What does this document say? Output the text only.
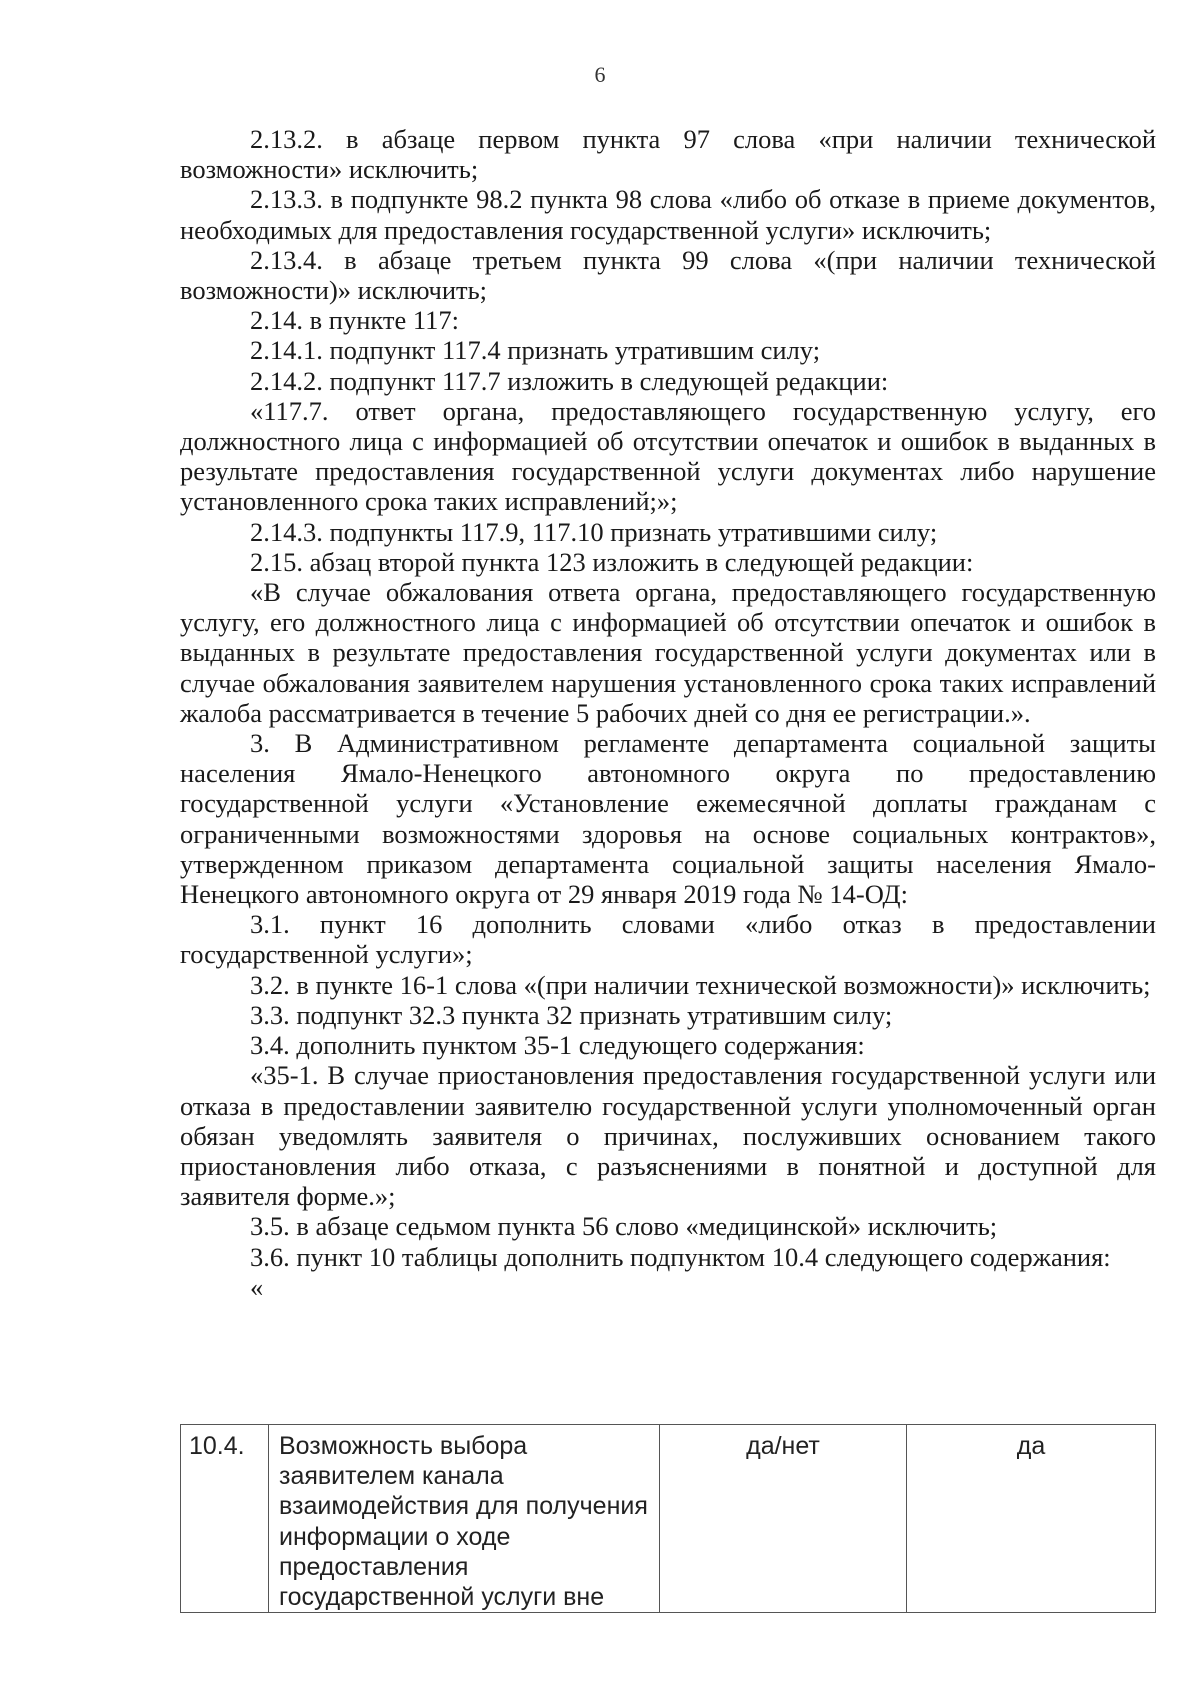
6

2.13.2. в абзаце первом пункта 97 слова «при наличии технической возможности» исключить;

2.13.3. в подпункте 98.2 пункта 98 слова «либо об отказе в приеме документов, необходимых для предоставления государственной услуги» исключить;

2.13.4. в абзаце третьем пункта 99 слова «(при наличии технической возможности)» исключить;

2.14. в пункте 117:

2.14.1. подпункт 117.4 признать утратившим силу;

2.14.2. подпункт 117.7 изложить в следующей редакции:

«117.7. ответ органа, предоставляющего государственную услугу, его должностного лица с информацией об отсутствии опечаток и ошибок в выданных в результате предоставления государственной услуги документах либо нарушение установленного срока таких исправлений;»;

2.14.3. подпункты 117.9, 117.10 признать утратившими силу;

2.15. абзац второй пункта 123 изложить в следующей редакции:

«В случае обжалования ответа органа, предоставляющего государственную услугу, его должностного лица с информацией об отсутствии опечаток и ошибок в выданных в результате предоставления государственной услуги документах или в случае обжалования заявителем нарушения установленного срока таких исправлений жалоба рассматривается в течение 5 рабочих дней со дня ее регистрации.».

3. В Административном регламенте департамента социальной защиты населения Ямало-Ненецкого автономного округа по предоставлению государственной услуги «Установление ежемесячной доплаты гражданам с ограниченными возможностями здоровья на основе социальных контрактов», утвержденном приказом департамента социальной защиты населения Ямало-Ненецкого автономного округа от 29 января 2019 года № 14-ОД:

3.1. пункт 16 дополнить словами «либо отказ в предоставлении государственной услуги»;

3.2. в пункте 16-1 слова «(при наличии технической возможности)» исключить;

3.3. подпункт 32.3 пункта 32 признать утратившим силу;

3.4. дополнить пунктом 35-1 следующего содержания:

«35-1. В случае приостановления предоставления государственной услуги или отказа в предоставлении заявителю государственной услуги уполномоченный орган обязан уведомлять заявителя о причинах, послуживших основанием такого приостановления либо отказа, с разъяснениями в понятной и доступной для заявителя форме.»;

3.5. в абзаце седьмом пункта 56 слово «медицинской» исключить;

3.6. пункт 10 таблицы дополнить подпунктом 10.4 следующего содержания:

«

10.4.	Возможность выбора заявителем канала взаимодействия для получения информации о ходе предоставления государственной услуги вне	да/нет	да
